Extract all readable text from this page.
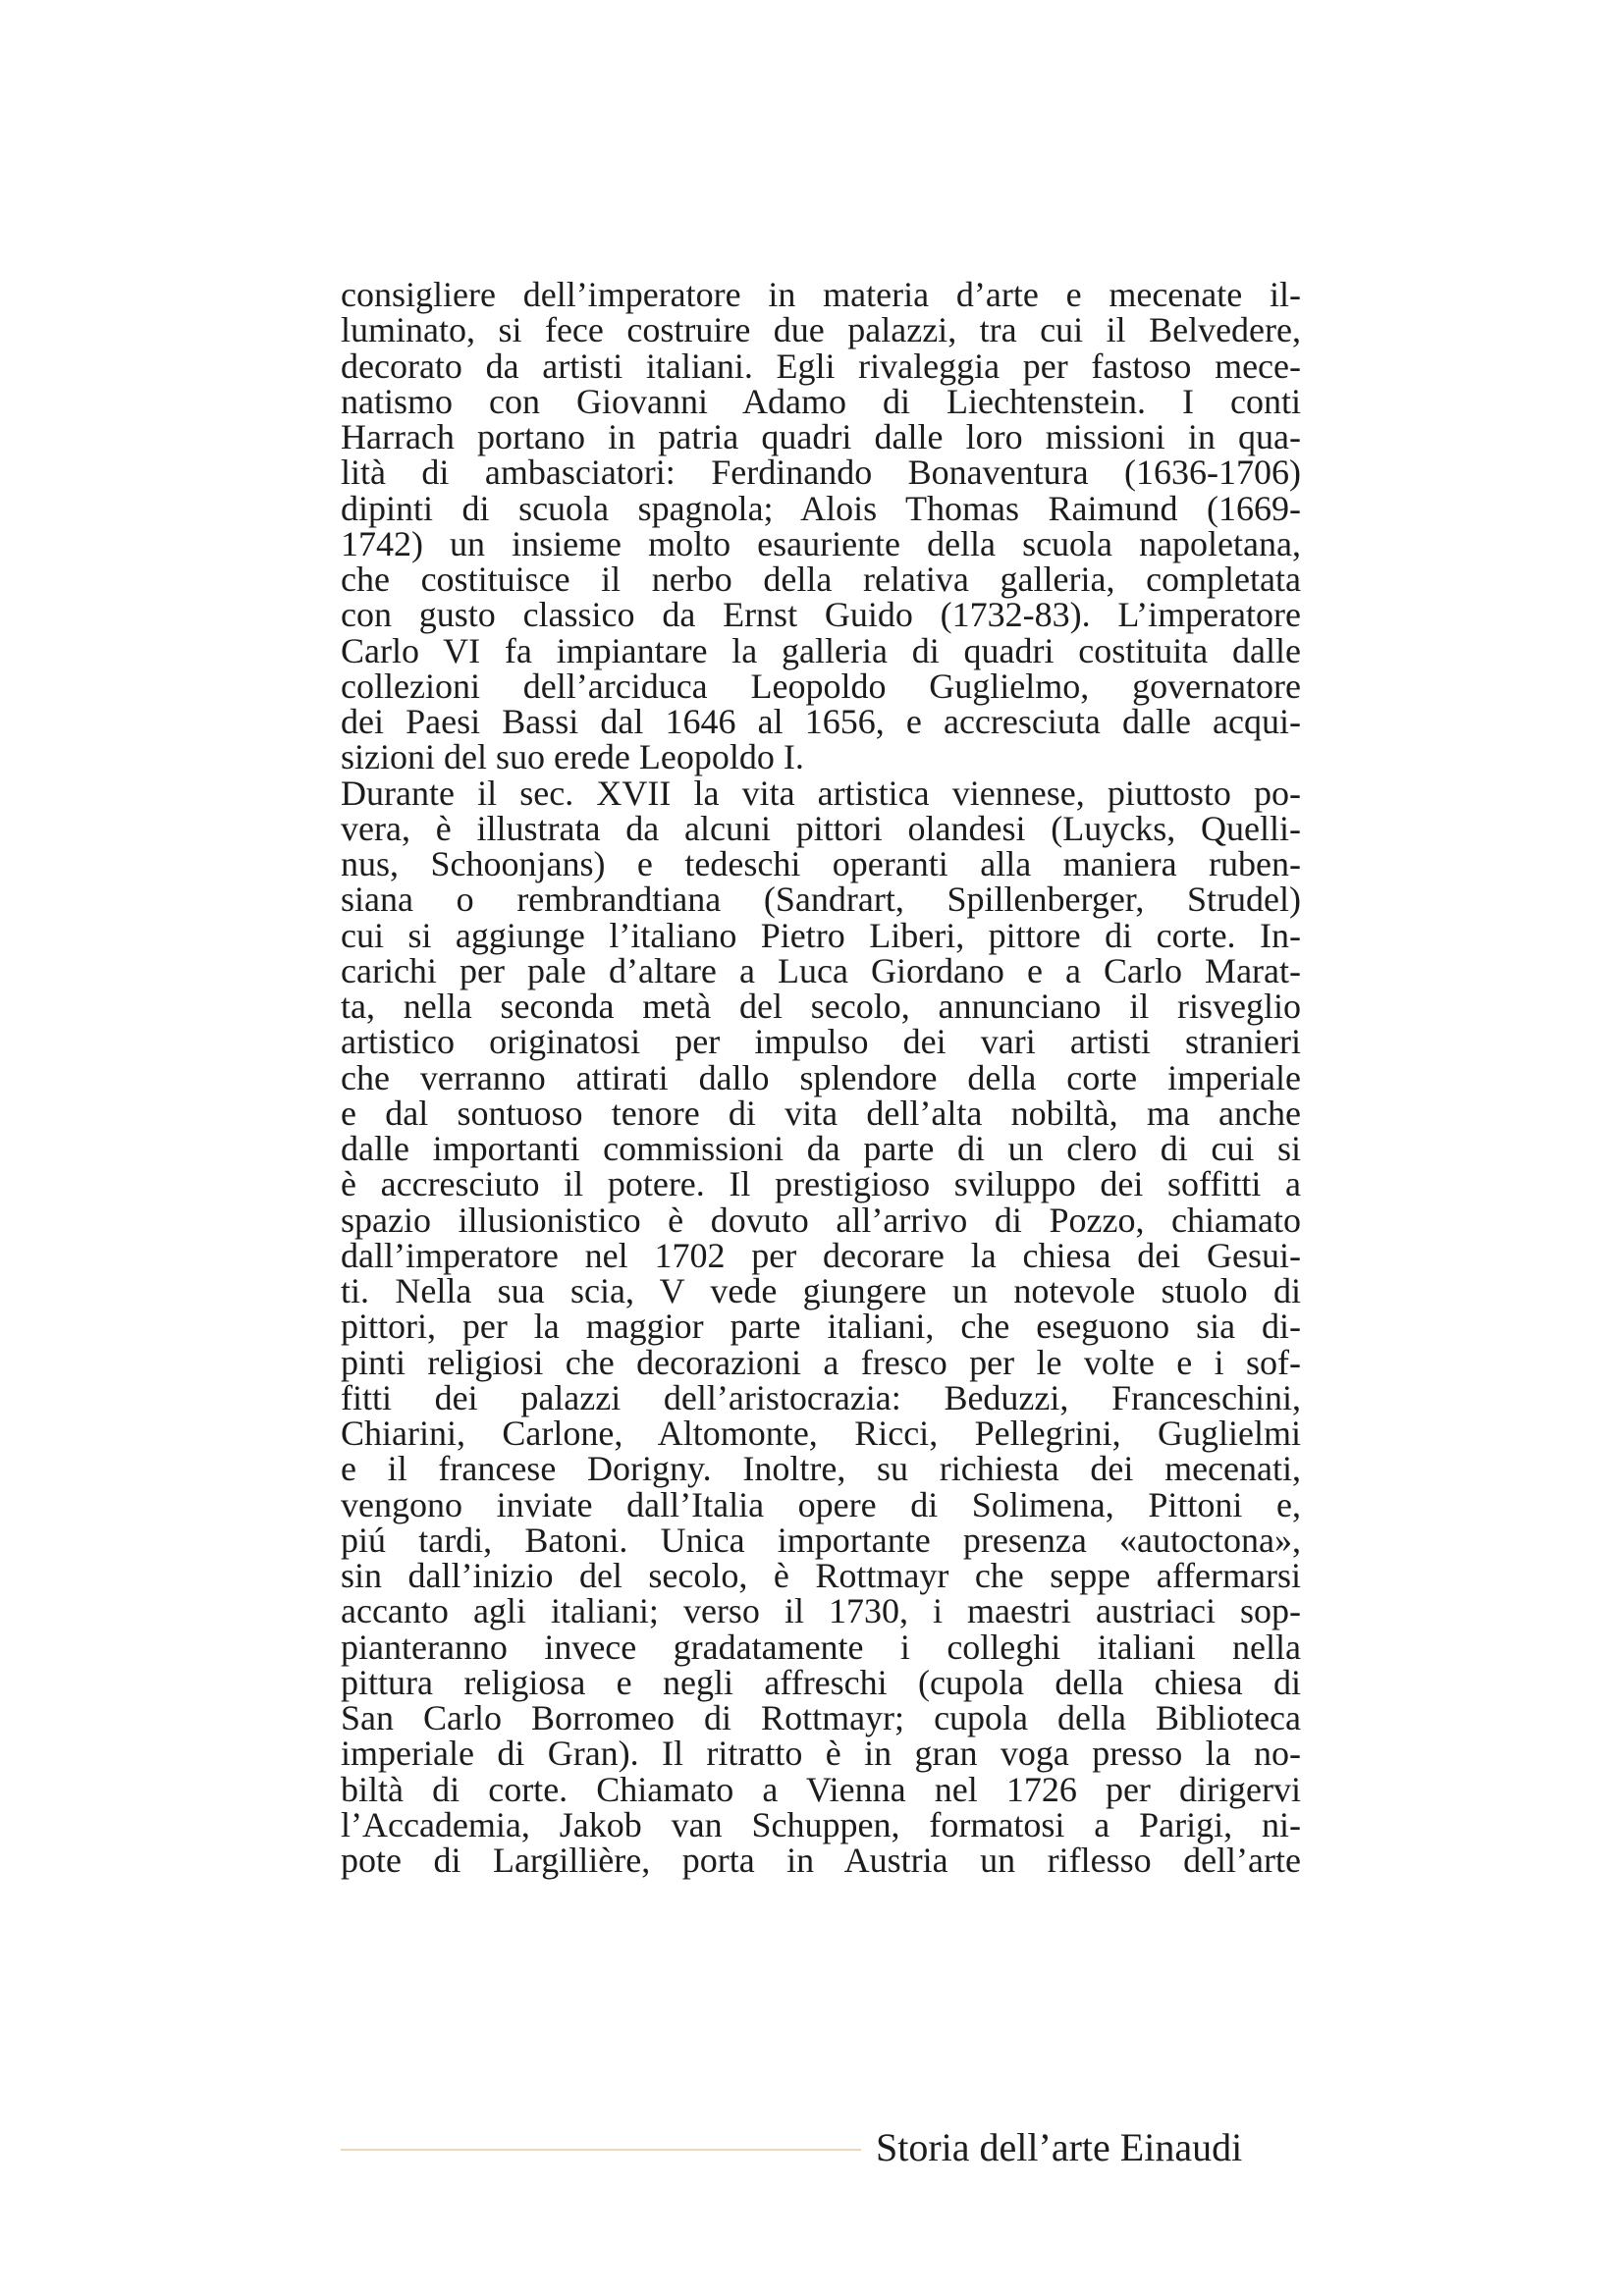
consigliere dell’imperatore in materia d’arte e mecenate il-
luminato, si fece costruire due palazzi, tra cui il Belvedere,
decorato da artisti italiani. Egli rivaleggia per fastoso mece-
natismo con Giovanni Adamo di Liechtenstein. I conti
Harrach portano in patria quadri dalle loro missioni in qua-
lità di ambasciatori: Ferdinando Bonaventura (1636-1706)
dipinti di scuola spagnola; Alois Thomas Raimund (1669-
1742) un insieme molto esauriente della scuola napoletana,
che costituisce il nerbo della relativa galleria, completata
con gusto classico da Ernst Guido (1732-83). L’imperatore
Carlo VI fa impiantare la galleria di quadri costituita dalle
collezioni dell’arciduca Leopoldo Guglielmo, governatore
dei Paesi Bassi dal 1646 al 1656, e accresciuta dalle acqui-
sizioni del suo erede Leopoldo I.
Durante il sec. XVII la vita artistica viennese, piuttosto po-
vera, è illustrata da alcuni pittori olandesi (Luycks, Quelli-
nus, Schoonjans) e tedeschi operanti alla maniera ruben-
siana o rembrandtiana (Sandrart, Spillenberger, Strudel)
cui si aggiunge l’italiano Pietro Liberi, pittore di corte. In-
carichi per pale d’altare a Luca Giordano e a Carlo Marat-
ta, nella seconda metà del secolo, annunciano il risveglio
artistico originatosi per impulso dei vari artisti stranieri
che verranno attirati dallo splendore della corte imperiale
e dal sontuoso tenore di vita dell’alta nobiltà, ma anche
dalle importanti commissioni da parte di un clero di cui si
è accresciuto il potere. Il prestigioso sviluppo dei soffitti a
spazio illusionistico è dovuto all’arrivo di Pozzo, chiamato
dall’imperatore nel 1702 per decorare la chiesa dei Gesui-
ti. Nella sua scia, V vede giungere un notevole stuolo di
pittori, per la maggior parte italiani, che eseguono sia di-
pinti religiosi che decorazioni a fresco per le volte e i sof-
fitti dei palazzi dell’aristocrazia: Beduzzi, Franceschini,
Chiarini, Carlone, Altomonte, Ricci, Pellegrini, Guglielmi
e il francese Dorigny. Inoltre, su richiesta dei mecenati,
vengono inviate dall’Italia opere di Solimena, Pittoni e,
piú tardi, Batoni. Unica importante presenza «autoctona»,
sin dall’inizio del secolo, è Rottmayr che seppe affermarsi
accanto agli italiani; verso il 1730, i maestri austriaci sop-
pianteranno invece gradatamente i colleghi italiani nella
pittura religiosa e negli affreschi (cupola della chiesa di
San Carlo Borromeo di Rottmayr; cupola della Biblioteca
imperiale di Gran). Il ritratto è in gran voga presso la no-
biltà di corte. Chiamato a Vienna nel 1726 per dirigervi
l’Accademia, Jakob van Schuppen, formatosi a Parigi, ni-
pote di Largillière, porta in Austria un riflesso dell’arte
Storia dell’arte Einaudi
